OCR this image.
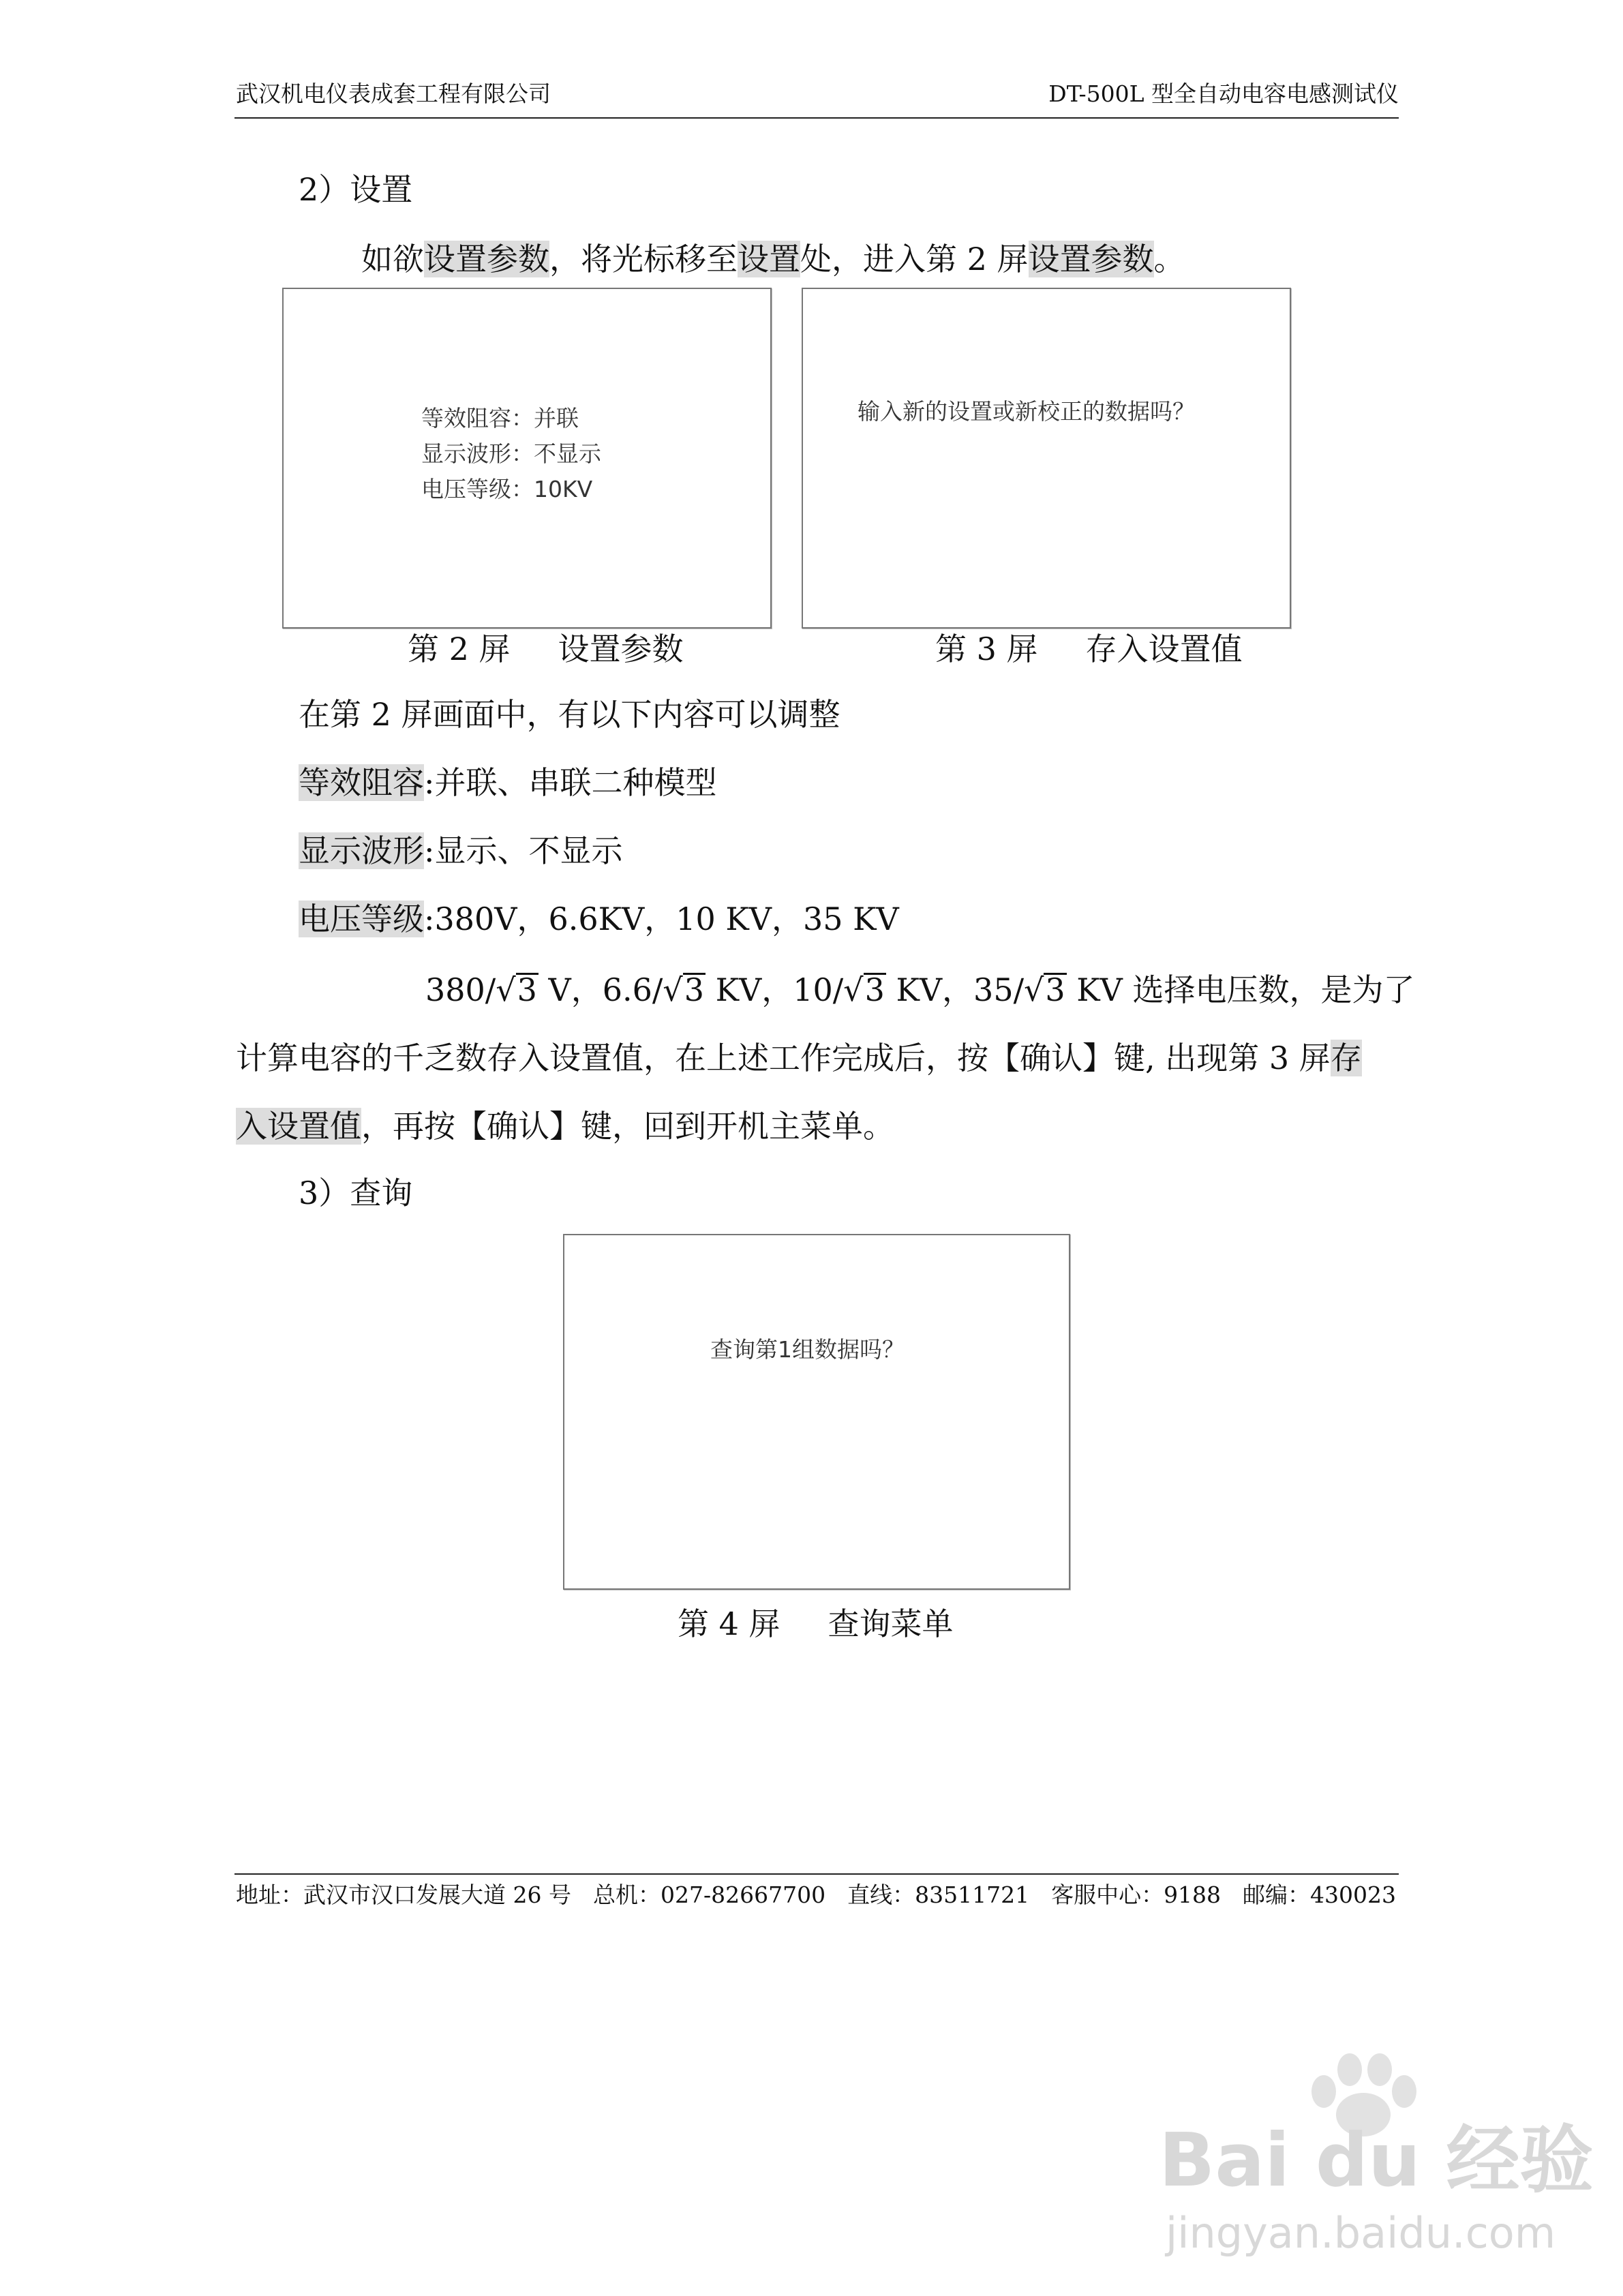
武汉机电仪表成套工程有限公司	DT-500L 型全自动电容电感测试仪
2）设置
如欲设置参数，将光标移至设置处，进入第 2 屏设置参数。
等效阻容：并联
显示波形：不显示
电压等级：10KV
输入新的设置或新校正的数据吗？
第 2 屏 设置参数	第 3 屏 存入设置值
在第 2 屏画面中，有以下内容可以调整
等效阻容:并联、串联二种模型
显示波形:显示、不显示
电压等级:380V，6.6KV，10 KV，35 KV
380/√3 V，6.6/√3 KV，10/√3 KV，35/√3 KV 选择电压数，是为了
计算电容的千乏数存入设置值，在上述工作完成后，按【确认】键, 出现第 3 屏存
入设置值，再按【确认】键，回到开机主菜单。
3）查询
查询第1组数据吗？
第 4 屏 查询菜单
地址：武汉市汉口发展大道 26 号 总机：027-82667700 直线：83511721 客服中心：9188 邮编：430023
Bai du 经验
jingyan.baidu.com
